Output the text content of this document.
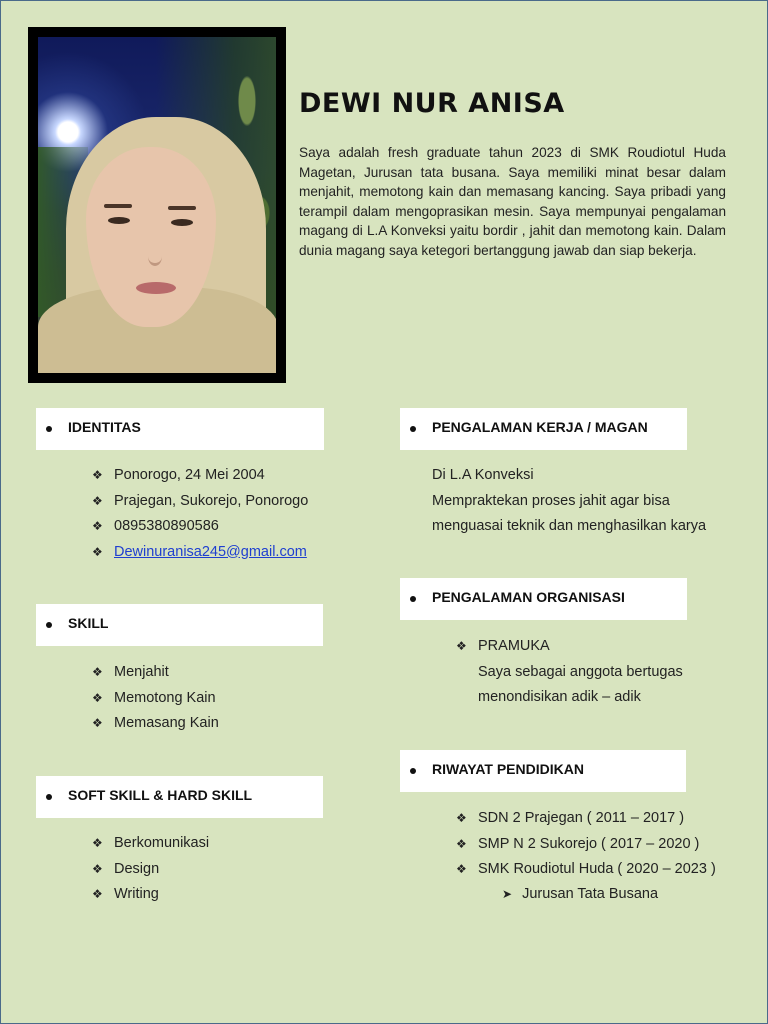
DEWI NUR ANISA

Saya adalah fresh graduate tahun 2023 di SMK Roudiotul Huda Magetan, Jurusan tata busana. Saya memiliki minat besar dalam menjahit, memotong kain dan memasang kancing. Saya pribadi yang terampil dalam mengoprasikan mesin. Saya mempunyai pengalaman magang di L.A Konveksi yaitu bordir , jahit dan memotong kain. Dalam dunia magang saya ketegori bertanggung jawab dan siap bekerja.

IDENTITAS
❖ Ponorogo, 24 Mei 2004
❖ Prajegan, Sukorejo, Ponorogo
❖ 0895380890586
❖ Dewinuranisa245@gmail.com
SKILL
❖ Menjahit
❖ Memotong Kain
❖ Memasang Kain
SOFT SKILL & HARD SKILL
❖ Berkomunikasi
❖ Design
❖ Writing
PENGALAMAN KERJA / MAGAN
Di L.A Konveksi
Mempraktekan proses jahit agar bisa
menguasai teknik dan menghasilkan karya
PENGALAMAN ORGANISASI
❖ PRAMUKA
Saya sebagai anggota bertugas
menondisikan adik – adik
RIWAYAT PENDIDIKAN
❖ SDN 2 Prajegan ( 2011 – 2017 )
❖ SMP N 2 Sukorejo ( 2017 – 2020 )
❖ SMK Roudiotul Huda ( 2020 – 2023 )
➤ Jurusan Tata Busana
